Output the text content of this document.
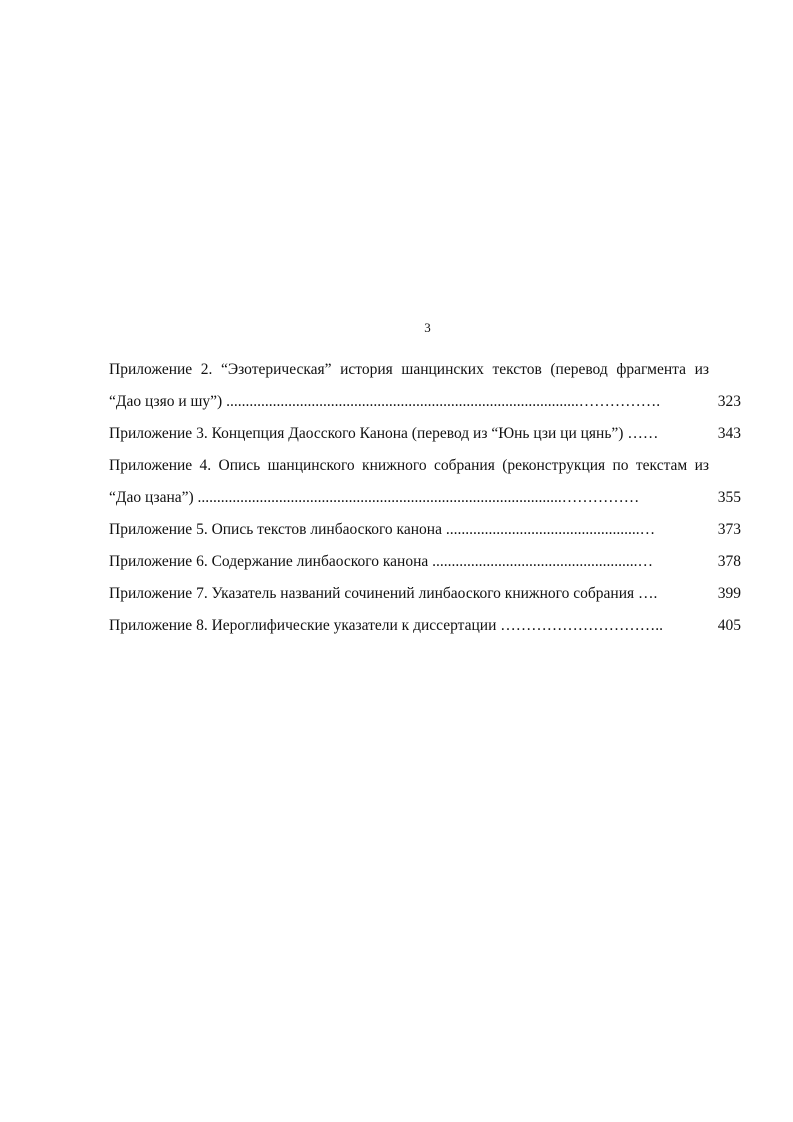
3
Приложение 2. “Эзотерическая” история шанцинских текстов (перевод фрагмента из
“Дао цзяо и шу”) ...........................................................................................…………….	323
Приложение 3. Концепция Даосского Канона (перевод из “Юнь цзи ци цянь”) ……	343
Приложение 4. Опись шанцинского книжного собрания (реконструкция по текстам из
“Дао цзана”) ..............................................................................................……………	355
Приложение 5. Опись текстов линбаоского канона ..................................................…	373
Приложение 6. Содержание линбаоского канона .....................................................…	378
Приложение 7. Указатель названий сочинений линбаоского книжного собрания ….	399
Приложение 8. Иероглифические указатели к диссертации …………………………..	405
